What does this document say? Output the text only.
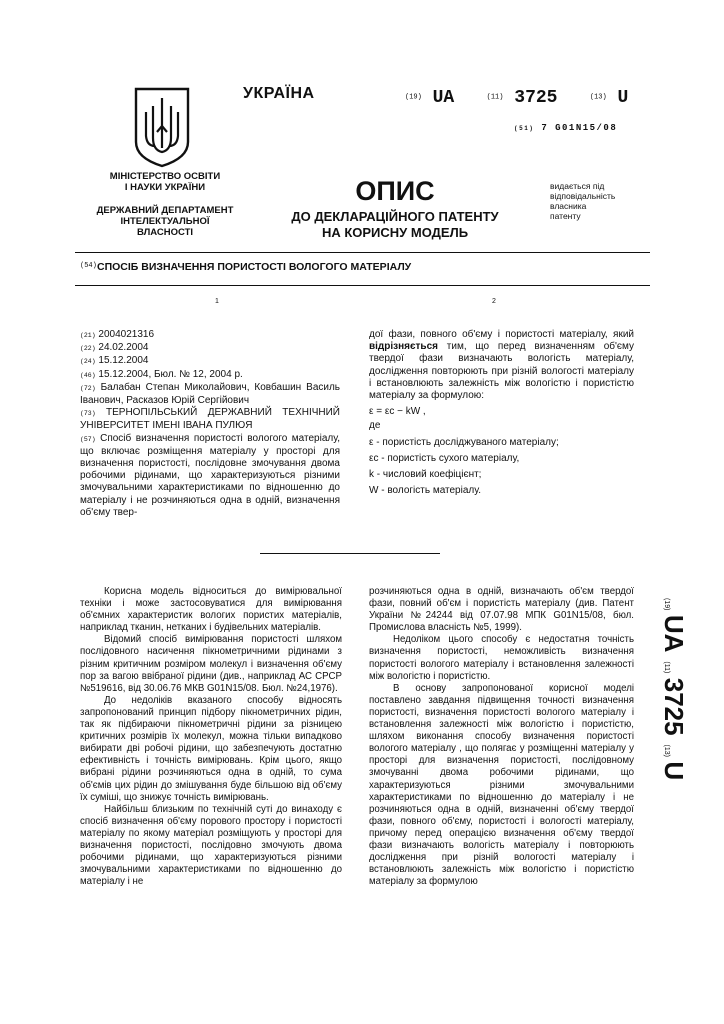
МІНІСТЕРСТВО ОСВІТИ
І НАУКИ УКРАЇНИ
ДЕРЖАВНИЙ ДЕПАРТАМЕНТ
ІНТЕЛЕКТУАЛЬНОЇ
ВЛАСНОСТІ
УКРАЇНА	(19) UA	(11) 3725	(13) U
(51) 7 G01N15/08
ОПИС
ДО ДЕКЛАРАЦІЙНОГО ПАТЕНТУ
НА КОРИСНУ МОДЕЛЬ
видається під
відповідальність
власника
патенту
(54) СПОСІБ ВИЗНАЧЕННЯ ПОРИСТОСТІ ВОЛОГОГО МАТЕРІАЛУ
1	2

(21) 2004021316

(22) 24.02.2004

(24) 15.12.2004

(46) 15.12.2004, Бюл. № 12, 2004 р.

(72) Балабан Степан Миколайович, Ковбашин Василь Іванович, Расказов Юрій Сергійович

(73) ТЕРНОПІЛЬСЬКИЙ ДЕРЖАВНИЙ ТЕХНІЧНИЙ УНІВЕРСИТЕТ ІМЕНІ ІВАНА ПУЛЮЯ

(57) Спосіб визначення пористості вологого матеріалу, що включає розміщення матеріалу у просторі для визначення пористості, послідовне змочування двома робочими рідинами, що характеризуються різними змочувальними характеристиками по відношенню до матеріалу і не розчиняються одна в одній, визначення об'єму твер-

дої фази, повного об'єму і пористості матеріалу, який відрізняється тим, що перед визначенням об'єму твердої фази визначають вологість матеріалу, дослідження повторюють при різній вологості матеріалу і встановлюють залежність між вологістю і пористістю матеріалу за формулою:

ε = εc − kW ,

де

ε - пористість досліджуваного матеріалу;

εc - пористість сухого матеріалу,

k - числовий коефіцієнт;

W - вологість матеріалу.

Корисна модель відноситься до вимірювальної техніки і може застосовуватися для вимірювання об'ємних характеристик вологих пористих матеріалів, наприклад тканин, нетканих і будівельних матеріалів.

Відомий спосіб вимірювання пористості шляхом послідовного насичення пікнометричними рідинами з різним критичним розміром молекул і визначення об'єму пор за вагою ввібраної рідини (див., наприклад АС СРСР №519616, від 30.06.76 МКВ G01N15/08. Бюл. №24,1976).

До недоліків вказаного способу відносять запропонований принцип підбору пікнометричних рідин, так як підбираючи пікнометричні рідини за різницею критичних розмірів їх молекул, можна тільки випадково вибирати дві робочі рідини, що забезпечують достатню ефективність і точність вимірювань. Крім цього, якщо вибрані рідини розчиняються одна в одній, то сума об'ємів цих рідин до змішування буде більшою від об'єму їх суміші, що знижує точність вимірювань.

Найбільш близьким по технічній суті до винаходу є спосіб визначення об'єму порового простору і пористості матеріалу по якому матеріал розміщують у просторі для визначення пористості, послідовно змочують двома робочими рідинами, що характеризуються різними змочувальними характеристиками по відношенню до матеріалу і не

розчиняються одна в одній, визначають об'єм твердої фази, повний об'єм і пористість матеріалу (див. Патент України №24244 від 07.07.98 МПК G01N15/08, бюл. Промислова власність №5, 1999).

Недоліком цього способу є недостатня точність визначення пористості, неможливість визначення пористості вологого матеріалу і встановлення залежності між вологістю і пористістю.

В основу запропонованої корисної моделі поставлено завдання підвищення точності визначення пористості, визначення пористості вологого матеріалу і встановлення залежності між вологістю і пористістю, шляхом виконання способу визначення пористості вологого матеріалу , що полягає у розміщенні матеріалу у просторі для визначення пористості, послідовному змочуванні двома робочими рідинами, що характеризуються різними змочувальними характеристиками по відношенню до матеріалу і не розчиняються одна в одній, визначенні об'єму твердої фази, повного об'єму, пористості і вологості матеріалу, причому перед операцією визначення об'єму твердої фази визначають вологість матеріалу і повторюють дослідження при різній вологості матеріалу і встановлюють залежність між вологістю і пористістю матеріалу за формулою

(19) UA  (11) 3725  (13) U
